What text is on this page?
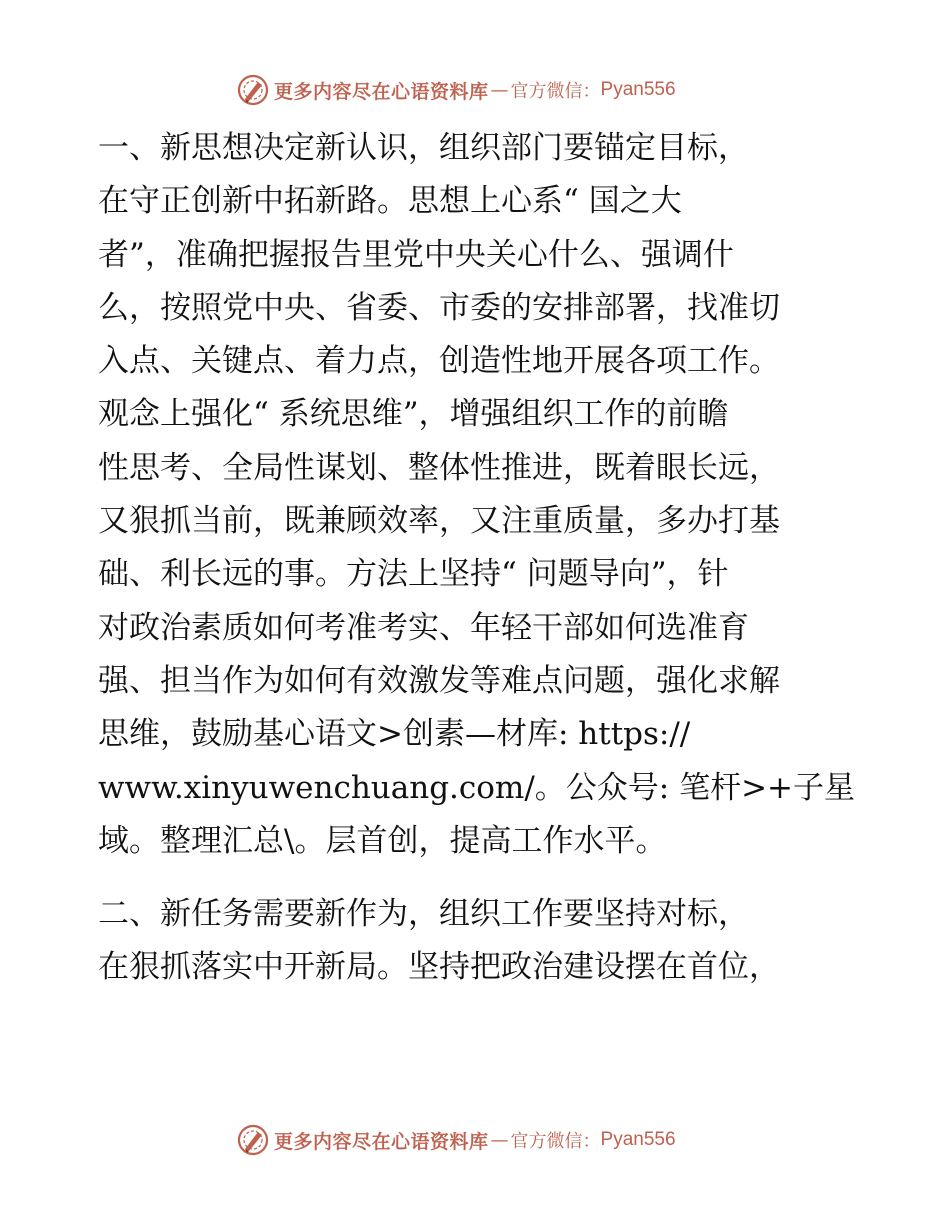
更多内容尽在心语资料库 — 官方微信： Pyan556

一、新思想决定新认识，组织部门要锚定目标，
在守正创新中拓新路。思想上心系“ 国之大
者”，准确把握报告里党中央关心什么、强调什
么，按照党中央、省委、市委的安排部署，找准切
入点、关键点、着力点，创造性地开展各项工作。
观念上强化“ 系统思维”，增强组织工作的前瞻
性思考、全局性谋划、整体性推进，既着眼长远，
又狠抓当前，既兼顾效率，又注重质量，多办打基
础、利长远的事。方法上坚持“ 问题导向”，针
对政治素质如何考准考实、年轻干部如何选准育
强、担当作为如何有效激发等难点问题，强化求解
思维，鼓励基心语文>创素—材库: https://
www.xinyuwenchuang.com/。公众号: 笔杆>+子星
域。整理汇总\。层首创，提高工作水平。

二、新任务需要新作为，组织工作要坚持对标，
在狠抓落实中开新局。坚持把政治建设摆在首位，

更多内容尽在心语资料库 — 官方微信： Pyan556
